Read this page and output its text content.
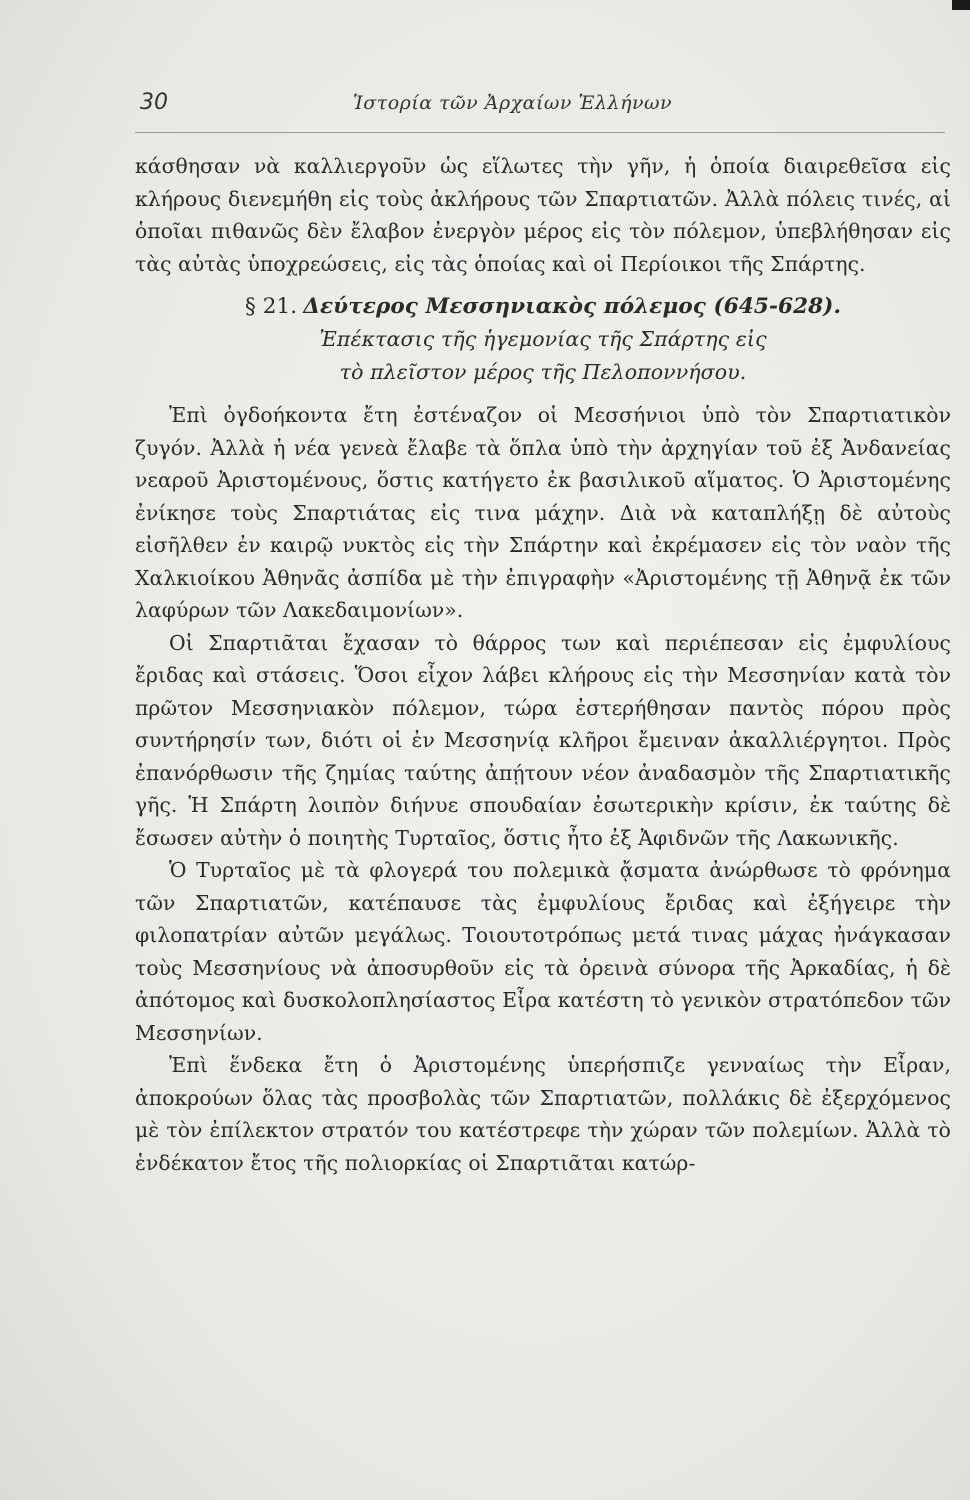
30	Ἱστορία τῶν Ἀρχαίων Ἑλλήνων

κάσθησαν νὰ καλλιεργοῦν ὡς εἵλωτες τὴν γῆν, ἡ ὁποία διαιρεθεῖσα εἰς κλήρους διενεμήθη εἰς τοὺς ἀκλήρους τῶν Σπαρτιατῶν. Ἀλλὰ πόλεις τινές, αἱ ὁποῖαι πιθανῶς δὲν ἔλαβον ἐνεργὸν μέρος εἰς τὸν πόλεμον, ὑπεβλήθησαν εἰς τὰς αὐτὰς ὑποχρεώσεις, εἰς τὰς ὁποίας καὶ οἱ Περίοικοι τῆς Σπάρτης.

§ 21. Δεύτερος Μεσσηνιακὸς πόλεμος (645-628).
Ἐπέκτασις τῆς ἡγεμονίας τῆς Σπάρτης εἰς
τὸ πλεῖστον μέρος τῆς Πελοποννήσου.

Ἐπὶ ὀγδοήκοντα ἔτη ἐστέναζον οἱ Μεσσήνιοι ὑπὸ τὸν Σπαρτιατικὸν ζυγόν. Ἀλλὰ ἡ νέα γενεὰ ἔλαβε τὰ ὅπλα ὑπὸ τὴν ἀρχηγίαν τοῦ ἐξ Ἀνδανείας νεαροῦ Ἀριστομένους, ὅστις κατήγετο ἐκ βασιλικοῦ αἵματος. Ὁ Ἀριστομένης ἐνίκησε τοὺς Σπαρτιάτας εἰς τινα μάχην. Διὰ νὰ καταπλήξῃ δὲ αὐτοὺς εἰσῆλθεν ἐν καιρῷ νυκτὸς εἰς τὴν Σπάρτην καὶ ἐκρέμασεν εἰς τὸν ναὸν τῆς Χαλκιοίκου Ἀθηνᾶς ἀσπίδα μὲ τὴν ἐπιγραφὴν «Ἀριστομένης τῇ Ἀθηνᾷ ἐκ τῶν λαφύρων τῶν Λακεδαιμονίων».

Οἱ Σπαρτιᾶται ἔχασαν τὸ θάρρος των καὶ περιέπεσαν εἰς ἐμφυλίους ἔριδας καὶ στάσεις. Ὅσοι εἶχον λάβει κλήρους εἰς τὴν Μεσσηνίαν κατὰ τὸν πρῶτον Μεσσηνιακὸν πόλεμον, τώρα ἐστερήθησαν παντὸς πόρου πρὸς συντήρησίν των, διότι οἱ ἐν Μεσσηνίᾳ κλῆροι ἔμειναν ἀκαλλιέργητοι. Πρὸς ἐπανόρθωσιν τῆς ζημίας ταύτης ἀπῄτουν νέον ἀναδασμὸν τῆς Σπαρτιατικῆς γῆς. Ἡ Σπάρτη λοιπὸν διήνυε σπουδαίαν ἐσωτερικὴν κρίσιν, ἐκ ταύτης δὲ ἔσωσεν αὐτὴν ὁ ποιητὴς Τυρταῖος, ὅστις ἦτο ἐξ Ἀφιδνῶν τῆς Λακωνικῆς.

Ὁ Τυρταῖος μὲ τὰ φλογερά του πολεμικὰ ᾄσματα ἀνώρθωσε τὸ φρόνημα τῶν Σπαρτιατῶν, κατέπαυσε τὰς ἐμφυλίους ἔριδας καὶ ἐξήγειρε τὴν φιλοπατρίαν αὐτῶν μεγάλως. Τοιουτοτρόπως μετά τινας μάχας ἠνάγκασαν τοὺς Μεσσηνίους νὰ ἀποσυρθοῦν εἰς τὰ ὀρεινὰ σύνορα τῆς Ἀρκαδίας, ἡ δὲ ἀπότομος καὶ δυσκολοπλησίαστος Εἶρα κατέστη τὸ γενικὸν στρατόπεδον τῶν Μεσσηνίων.

Ἐπὶ ἕνδεκα ἔτη ὁ Ἀριστομένης ὑπερήσπιζε γενναίως τὴν Εἶραν, ἀποκρούων ὅλας τὰς προσβολὰς τῶν Σπαρτιατῶν, πολλάκις δὲ ἐξερχόμενος μὲ τὸν ἐπίλεκτον στρατόν του κατέστρεφε τὴν χώραν τῶν πολεμίων. Ἀλλὰ τὸ ἑνδέκατον ἔτος τῆς πολιορκίας οἱ Σπαρτιᾶται κατώρ-
